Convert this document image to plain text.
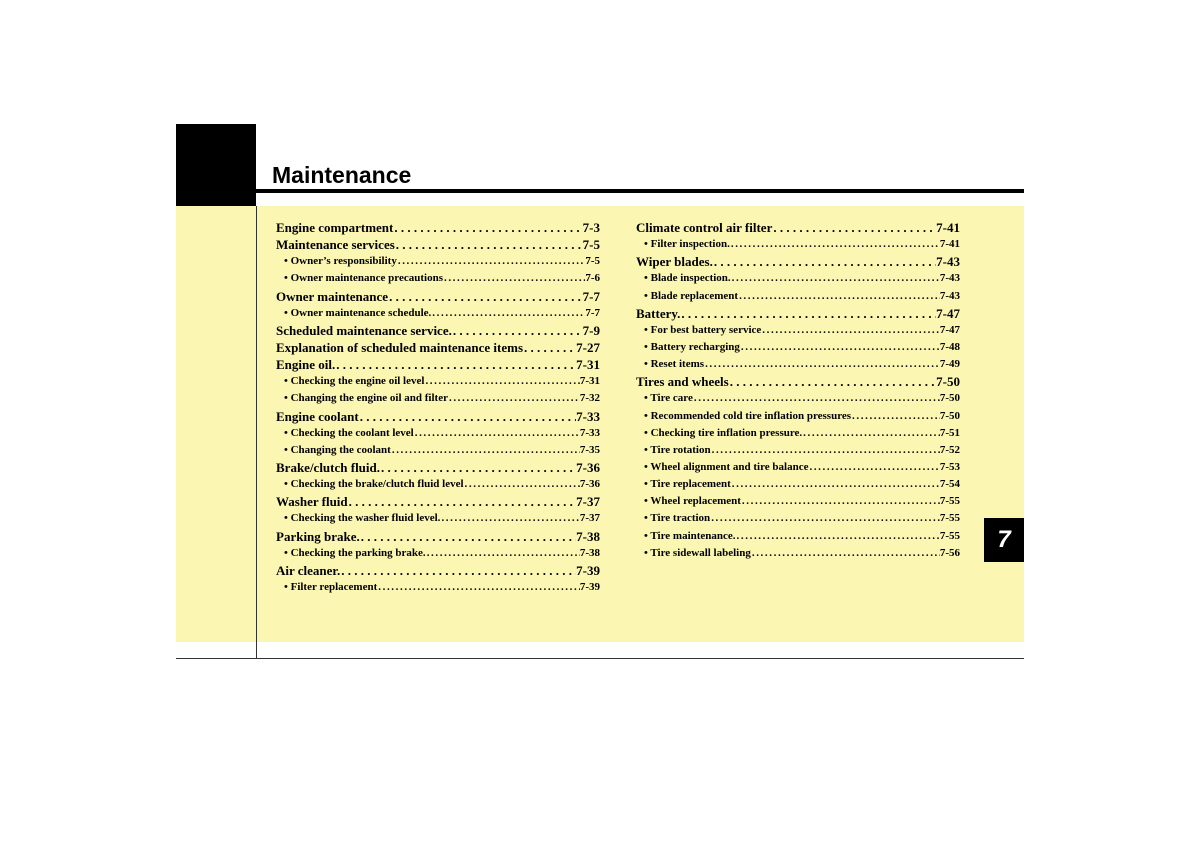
Maintenance
7
Engine compartment . . .	7-3
Maintenance services . . .	7-5
• Owner’s responsibility .....	7-5
• Owner maintenance precautions .....	7-6
Owner maintenance . . .	7-7
• Owner maintenance schedule. .....	7-7
Scheduled maintenance service. . . .	7-9
Explanation of scheduled maintenance items . . .	7-27
Engine oil. . . .	7-31
• Checking the engine oil level .....	7-31
• Changing the engine oil and filter .....	7-32
Engine coolant . . .	7-33
• Checking the coolant level .....	7-33
• Changing the coolant .....	7-35
Brake/clutch fluid. . . .	7-36
• Checking the brake/clutch fluid level .....	7-36
Washer fluid . . .	7-37
• Checking the washer fluid level. .....	7-37
Parking brake. . . .	7-38
• Checking the parking brake. .....	7-38
Air cleaner. . . .	7-39
• Filter replacement .....	7-39
Climate control air filter . . .	7-41
• Filter inspection. .....	7-41
Wiper blades. . . .	7-43
• Blade inspection. .....	7-43
• Blade replacement .....	7-43
Battery. . . .	7-47
• For best battery service .....	7-47
• Battery recharging .....	7-48
• Reset items .....	7-49
Tires and wheels . . .	7-50
• Tire care .....	7-50
• Recommended cold tire inflation pressures .....	7-50
• Checking tire inflation pressure. .....	7-51
• Tire rotation .....	7-52
• Wheel alignment and tire balance .....	7-53
• Tire replacement .....	7-54
• Wheel replacement .....	7-55
• Tire traction .....	7-55
• Tire maintenance. .....	7-55
• Tire sidewall labeling .....	7-56
